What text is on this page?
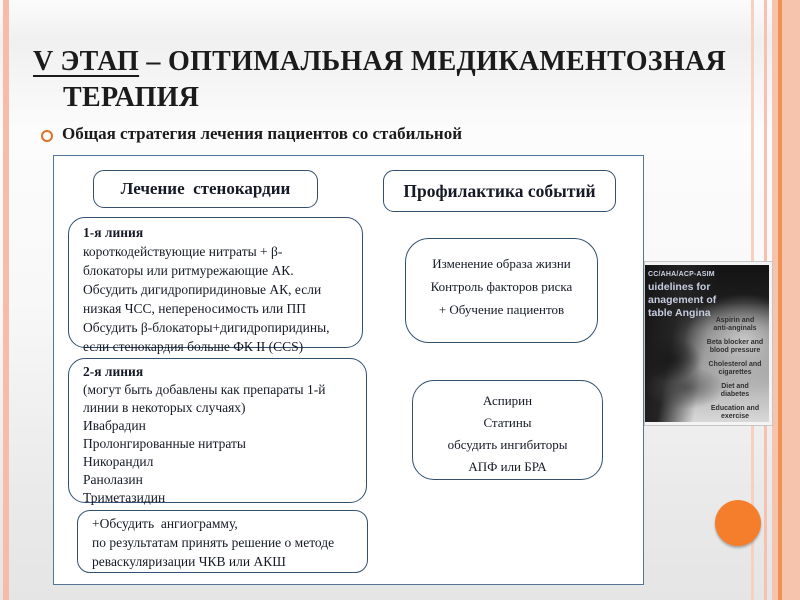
V ЭТАП – ОПТИМАЛЬНАЯ МЕДИКАМЕНТОЗНАЯ
ТЕРАПИЯ
Общая стратегия лечения пациентов со стабильной
Лечение  стенокардии	Профилактика событий
1-я линия
короткодействующие нитраты + β-
блокаторы или ритмурежающие АК.
Обсудить дигидропиридиновые АК, если
низкая ЧСС, непереносимость или ПП
Обсудить β-блокаторы+дигидропиридины,
если стенокардия больше ФК II (CCS)
2-я линия
(могут быть добавлены как препараты 1-й
линии в некоторых случаях)
Ивабрадин
Пролонгированные нитраты
Никорандил
Ранолазин
Триметазидин
+Обсудить  ангиограмму,
по результатам принять решение о методе
реваскуляризации ЧКВ или АКШ
Изменение образа жизни
Контроль факторов риска
+ Обучение пациентов
Аспирин
Статины
обсудить ингибиторы
АПФ или БРА
CC/AHA/ACP-ASIM
uidelines for
anagement of
table Angina
Aspirin and
anti-anginals
Beta blocker and
blood pressure
Cholesterol and
cigarettes
Diet and
diabetes
Education and
exercise
